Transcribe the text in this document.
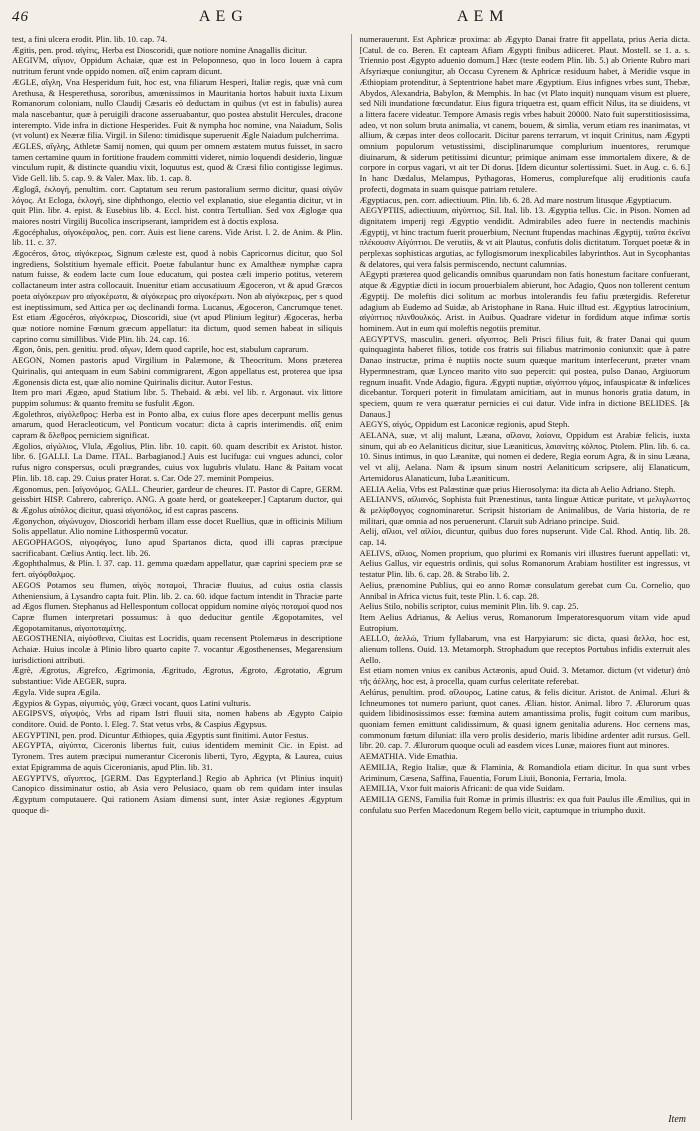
46	A E G	A E M

test, a fini ulcera erodit. Plin. lib. 10. cap. 74.

Ægitis, pen. prod. αἰγίτις, Herba est Dioscoridi, quæ notiore nomine Anagallis dicitur.

AEGIVM, αἴγιον, Oppidum Achaiæ, quæ est in Peloponneso, quo in loco Iouem à capra nutritum ferunt vnde oppido nomen. αἴξ enim capram dicunt.

ÆGLE, αἴγλη, Vna Hesperidum fuit, hoc est, vna filiarum Hesperi, Italiæ regis, quæ vnà cum Arethusa, & Hesperethusa, sororibus, amœnissimos in Mauritania hortos habuit iuxta Lixum Romanorum coloniam, nullo Claudij Cæsaris eò deductam in quibus (vt est in fabulis) aurea mala nascebantur, quæ à peruigili dracone asseruabantur, quo postea abstulit Hercules, dracone interempto. Vide infra in dictione Hesperides. Fuit & nympha hoc nomine, vna Naiadum, Solis (vt volunt) ex Neæræ filia. Virgil. in Sileno: timidisque superuenit Ægle Naiadum pulcherrima.

ÆGLES, αἴγλης, Athletæ Samij nomen, qui quum per omnem æstatem mutus fuisset, in sacro tamen certamine quum in fortitione fraudem committi videret, nimio loquendi desiderio, linguæ vinculum rupit, & distincte quandiu vixit, loquutus est, quod & Cræsi filio contigisse legimus. Vide Gell. lib. 5. cap. 9. & Valer. Max. lib. 1. cap. 8.

Æglogâ, ἐκλογή, penultim. corr. Captatum seu rerum pastoralium sermo dicitur, quasi αἰγῶν λόγος. At Ecloga, ἐκλογή, sine diphthongo, electio vel explanatio, siue elegantia dicitur, vt in quit Plin. libr. 4. epist. & Eusebius lib. 4. Eccl. hist. contra Tertullian. Sed vox Æglogæ qua maiores nostri Virgilij Bucolica inscripserant, iampridem est à doctis explosa.

Ægocéphalus, αἰγοκέφαλος, pen. corr. Auis est liene carens. Vide Arist. l. 2. de Anim. & Plin. lib. 11. c. 37.

Ægocéros, ὤτος, αἰγόκερως, Signum cæleste est, quod à nobis Capricornus dicitur, quo Sol ingrediens, Solstitium hyemale efficit. Poetæ fabulantur hunc ex Amaltheæ nymphæ capra natum fuisse, & eodem lacte cum Ioue educatum, qui postea cæli imperio potitus, veterem collactaneum inter astra collocauit. Inuenitur etiam accusatiuum Ægoceron, vt & apud Græcos poeta αἰγόκερων pro αἰγοκέρωτα, & αἰγόκερως pro αἰγοκέρωτι. Non ab αἰγόκερως, per s quod est ineptissimum, sed Attica per ως declinandi forma. Lucanus, Ægoceron, Cancrumque tenet. Est etiam Ægocéros, αἰγόκερως, Dioscoridi, siue (vt apud Plinium legitur) Ægoceras, herba quæ notiore nomine Fœnum græcum appellatur: ita dictum, quod semen habeat in siliquis caprino cornu simillibus. Vide Plin. lib. 24. cap. 16.

Ægon, ônis, pen. genitiu. prod. αἴγων, Idem quod caprile, hoc est, stabulum caprarum.

AEGON, Nomen pastoris apud Virgilium in Palæmone, & Theocritum. Mons præterea Quirinalis, qui antequam in eum Sabini commigrarent, Ægon appellatus est, proterea que ipsa Ægonensis dicta est, quæ alio nomine Quirinalis dicitur. Autor Festus.

Item pro mari Ægæo, apud Statium libr. 5. Thebaid. & æbi. vel lib. r. Argonaut. vix littore puppim solumus: & quanto fremitu se fusfulit Ægon.

Ægolethros, αἰγόλεθρος: Herba est in Ponto alba, ex cuius flore apes decerpunt mellis genus amarum, quod Heracleoticum, vel Ponticum vocatur: dicta à capris interimendis. αἴξ enim capram & ὄλεθρος perniciem significat.

Ægolios, αἰγώλιος, Vlula, Ægolius, Plin. libr. 10. capit. 60. quam describit ex Aristot. histor. libr. 6. [GALLI. La Dame. ITAL. Barbagianod.] Auis est lucifuga: cui vngues adunci, color rufus nigro conspersus, oculi prægrandes, cuius vox lugubris vlulatu. Hanc & Paitam vocat Plin. lib. 18. cap. 29. Cuius prater Horat. s. Car. Ode 27. meminit Pompeius.

Ægonomus, pen. [αἰγονόμος. GALL. Cheurier, gardeur de cheures. IT. Pastor di Capre, GERM. geissbirt HISP. Cabrero, cabreriço. ANG. A goate herd, or goatekeeper.] Captarum ductor, qui & Ægolus αἰπόλος dicitur, quasi αἰγοπόλος, id est capras pascens.

Ægonychon, αἰγώνυχον, Dioscoridi herbam illam esse docet Ruellius, quæ in officinis Milium Solis appellatur. Alio nomine Lithospermū vocatur.

AEGOPHAGOS, αἰγοφάγος, Iuno apud Spartanos dicta, quod illi capras præcipue sacrificabant. Cælius Antiq. lect. lib. 26.

Ægophthalmus, & Plin. l. 37. cap. 11. gemma quædam appellatur, quæ caprini speciem præ se fert. αἰγόφθαλμος.

AEGOS Potamos seu flumen, αἰγὸς ποταμοί, Thraciæ fluuius, ad cuius ostia classis Atheniensium, à Lysandro capta fuit. Plin. lib. 2. ca. 60. idque factum intendit in Thraciæ parte ad Ægos flumen. Stephanus ad Hellespontum collocat oppidum nomine αἰγὸς ποταμοί quod nos Capræ flumen interpretari possumus: à quo deducitur gentile Ægopotamites, vel Ægopotamitanus, αἰγοποταμίτης.

AEGOSTHENIA, αἰγόσθενα, Ciuitas est Locridis, quam recensent Ptolemæus in descriptione Achaiæ. Huius incolæ à Plinio libro quarto capite 7. vocantur Ægosthenenses, Megarensium iurisdictioni attributi.

Ægrè, Ægrotus, Ægrefco, Ægrimonia, Ægritudo, Ægrotus, Ægroto, Ægrotatio, Ægrum substantiue: Vide AEGER, supra.

Ægyla. Vide supra Ægila.

Ægypios & Gypas, αἰγυπιός, γύψ, Græci vocant, quos Latini vulturis.

AEGIPSVS, αἰγυψός, Vrbs ad ripam Istri fluuii sita, nomen habens ab Ægypto Caipio conditore. Ouid. de Ponto. l. Eleg. 7. Stat vetus vrbs, & Caspius Ægypsus.

AEGYPTINI, pen. prod. Dicuntur Æthiopes, quia Ægyptis sunt finitimi. Autor Festus.

AEGYPTA, αἰγύπτα, Ciceronis libertus fuit, cuius identidem meminit Cic. in Epist. ad Tyronem. Tres autem præcipui numerantur Ciceronis liberti, Tyro, Ægypta, & Laurea, cuius extat Epigramma de aquis Ciceronianis, apud Plin. lib. 31.

AEGYPTVS, αἴγυπτος, [GERM. Das Egypterland.] Regio ab Aphrica (vt Plinius inquit) Canopico dissiminatur ostio, ab Asia vero Pelusiaco, quam ob rem quidam inter insulas Ægyptum computauere. Qui rationem Asiam dimensi sunt, inter Asiæ regiones Ægyptum quoque di-

numerauerunt. Est Aphricæ proxima: ab Ægypto Danai fratre fit appellata, prius Aeria dicta. [Catul. de co. Beren. Et capteam Afiam Ægypti finibus adiiceret. Plaut. Mostell. se 1. a. s. Triennio post Ægypto aduenio domum.] Hæc (teste eodem Plin. lib. 5.) ab Oriente Rubro mari Afsyriæque coniungitur, ab Occasu Cyrenem & Aphricæ residuum habet, à Meridie vsque in Æthiopiam protenditur, à Septentrione habet mare Ægyptium. Eius infignes vrbes sunt, Thebæ, Abydos, Alexandria, Babylon, & Memphis. In hac (vt Plato inquit) nunquam visum est pluere, sed Nili inundatione fœcundatur. Eius figura triquetra est, quam efficit Nilus, ita se diuidens, vt a littera facere videatur. Tempore Amasis regis vrbes habuit 20000. Nato fuit superstitiosissima, adeo, vt non solum bruta animalia, vt canem, bouem, & simlia, verum etiam res inanimatas, vt allium, & cæpas inter deos collocarit. Dicitur parens terrarum, vt inquit Crinitus, nam Ægypti omnium populorum vetustissimi, disciplinarumque complurium inuentores, rerumque diuinarum, & siderum petitissimi dicuntur; primique animam esse immortalem dixere, & de corpore in corpus vagari, vt ait ter Di dorus. [Idem dicuntur solertissimi. Suet. in Aug. c. 6. 6.] In hanc Dædalus, Melampus, Pythagoras, Homerus, complurefque alij eruditionis caufa profecti, dogmata in suam quisque patriam retulere.

Ægyptiacus, pen. corr. adiectiuum. Plin. lib. 6. 28. Ad mare nostrum litusque Ægyptiacum.

AEGYPTIIS, adiectiuum, αἰγύπτιος. Sil. Ital. lib. 13. Ægyptia tellus. Cic. in Pison. Nomen ad dignitatem imperij regi Ægyptio vendidit. Admirabiles adeo fuere in nectendis machinis Ægyptij, vt hinc tractum fuerit prouerbium, Nectunt ftupendas machinas Ægyptij, ταῦτα ἐκεῖνα πλέκουσιν Αἰγύπτιοι. De verutiis, & vt ait Plautus, confutis dolis dictitatum. Torquet poetæ & in perplexas sophisticas argutias, ac fyllogismorum inexplicabiles labyrinthos. Aut in Sycophantas & delatores, qui vera falsis permiscendo, nectunt calumnias.

AEgypti præterea quod gelicandis omnibus quarundam non fatis honestum facitare confuerant, atque & Ægyptiæ dicti in iocum prouerbialem abierunt, hoc Adagio, Quos non tollerent centum Ægyptij. De moleftis dici solitum ac morbus intolerandis feu fafiu prætergidis. Referetur adagium ab Eudemo ad Suidæ, ab Aristophane in Rana. Huic illtud est. Ægyptius latrocinium, αἰγύπτιος πλινθουλκός. Arist. in Auibus. Quadrare videtur in fordidum atque infimæ sortis hominem. Aut in eum qui moleftis negotiis premitur.

AEGYPTVS, masculin. generi. αἴγυπτος. Beli Prisci filius fuit, & frater Danai qui quum quinquaginta haberet filios, totide cos fratris sui filiabus matrimonio coniunxit: quæ à patre Danao instructæ, prima è nuptiis nocte suum quæque maritum interfecerunt, præter vnam Hypermnestram, quæ Lynceo marito vito suo pepercit: qui postea, pulso Danao, Argiuorum regnum inuafit. Vnde Adagio, figura. Ægypti nuptiæ, αἰγύπτου γάμος, infauspicatæ & infœlices dicebantur. Torqueri poterit in fimulatam amicitiam, aut in munus honoris gratia datum, in speciem, quum re vera quæratur pernicies ei cui datur. Vide infra in dictione BELIDES. [& Danaus.]

AEGYS, αἰγύς, Oppidum est Laconicæ regionis, apud Steph.

AELANA, suæ, vt alij malunt, Læana, αἴλανα, λαίανα, Oppidum est Arabiæ felicis, iuxta sinum, qui ab eo Aelaniticus dicitur, siue Læaniticus, λαιανίτης κόλπος. Ptolem. Plin. lib. 6. ca. 10. Sinus intimus, in quo Læanitæ, qui nomen ei dedere, Regia eorum Agra, & in sinu Læana, vel vt alij, Aelana. Nam & ipsum sinum nostri Aelaniticum scripsere, alij Elanaticum, Artemidorus Alanaticum, Iuba Læaniticum.

AELIA Aelia, Vrbs est Palæstinæ quæ prius Hierosolyma: ita dicta ab Aelio Adriano. Steph.

AELIANVS, αἰλιανός, Sophista fuit Prænestinus, tanta linguæ Atticæ puritate, vt μελιγλωττος & μελίφθογγος cognominaretur. Scripsit historiam de Animalibus, de Varia historia, de re militari, quæ omnia ad nos peruenerunt. Claruit sub Adriano principe. Suid.

Aelij, αἴλιοι, vel αἰλίοι, dicuntur, quibus duo fores nupserunt. Vide Cal. Rhod. Antiq. lib. 28. cap. 14.

AELIVS, αἴλιος, Nomen proprium, quo plurimi ex Romanis viri illustres fuerunt appellati: vt, Aelius Gallus, vir equestris ordinis, qui solus Romanorum Arabiam hostiliter est ingressus, vt testatur Plin. lib. 6. cap. 28. & Strabo lib. 2.

Aelius, prænomine Publius, qui eo anno Romæ consulatum gerebat cum Cu. Cornelio, quo Annibal in Africa victus fuit, teste Plin. l. 6. cap. 28.

Aelius Stilo, nobilis scriptor, cuius meminit Plin. lib. 9. cap. 25.

Item Aelius Adrianus, & Aelius verus, Romanorum Imperatoresquorum vitam vide apud Eutropium.

AELLO, ἀελλώ, Trium fyllabarum, vna est Harpyiarum: sic dicta, quasi ἄελλα, hoc est, alienum tollens. Ouid. 13. Metamorph. Strophadum que receptos Portubus infidis exterruit ales Aello.

Est etiam nomen vnius ex canibus Actæonis, apud Ouid. 3. Metamor. dictum (vt videtur) ἀπὸ τῆς ἀέλλης, hoc est, à procella, quam curfus celeritate referebat.

Aelúrus, penultim. prod. αἴλουρος, Latine catus, & felis dicitur. Aristot. de Animal. Æluri & Ichneumones tot numero pariunt, quot canes. Ælian. histor. Animal. libro 7. Ælurorum quas quidem libidinosissimos esse: fœmina autem amantissima prolis, fugit coitum cum maribus, quoniam femen emittunt calidissimum, & quasi ignem genitalia adurens. Hoc cernens mas, commonum fœtum diluniat: illa vero prolis desiderio, maris libidine ardenter adit rursus. Gell. libr. 20. cap. 7. Ælurorum quoque oculi ad easdem vices Lunæ, maiores fiunt aut minores.

AEMATHIA. Vide Emathia.

AEMILIA, Regio Italiæ, quæ & Flaminia, & Romandiola etiam dicitur. In qua sunt vrbes Ariminum, Cæsena, Saffina, Fauentia, Forum Liuii, Bononia, Ferraria, Imola.

AEMILIA, Vxor fuit maioris Africani: de qua vide Suidam.

AEMILIA GENS, Familia fuit Romæ in primis illustris: ex qua fuit Paulus ille Æmilius, qui in confulatu suo Perfen Macedonum Regem bello vicit, captumque in triumpho duxit.

Item
